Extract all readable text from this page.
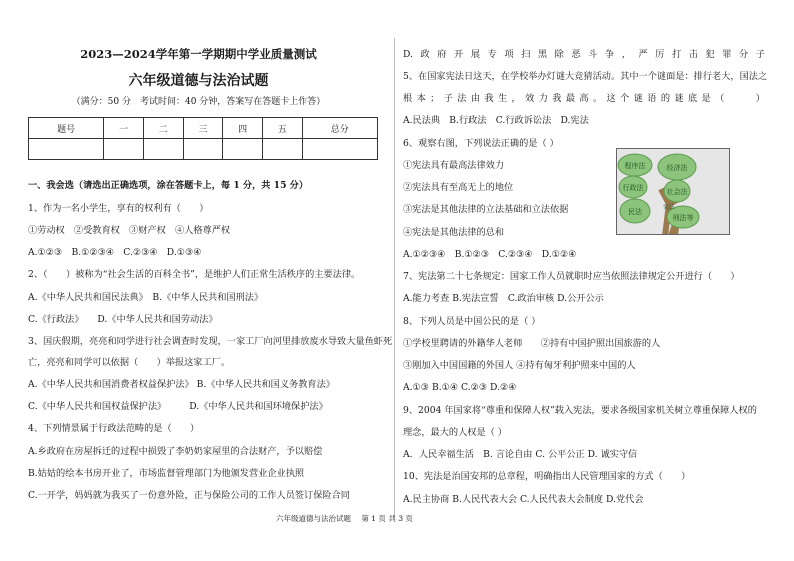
2023—2024学年第一学期期中学业质量测试
六年级道德与法治试题
（满分：50 分　考试时间：40 分钟，答案写在答题卡上作答）
题号	一	二	三	四	五	总分

一、我会选（请选出正确选项，涂在答题卡上，每 1 分，共 15 分）
1、作为一名小学生，享有的权利有（　　）
①劳动权　②受教育权　③财产权　④人格尊严权
A.①②③　B.①②③④　C.②③④　D.①③④
2、（　　）被称为“社会生活的百科全书”，是维护人们正常生活秩序的主要法律。
A.《中华人民共和国民法典》　B.《中华人民共和国刑法》
C.《行政法》　　D.《中华人民共和国劳动法》
3、国庆假期，亮亮和同学进行社会调查时发现，一家工厂向河里排放废水导致大量鱼虾死
亡，亮亮和同学可以依据（　　）举报这家工厂。
A.《中华人民共和国消费者权益保护法》 B.《中华人民共和国义务教育法》
C.《中华人民共和国权益保护法》　　　D.《中华人民共和国环境保护法》
4、下列情景属于行政法范畴的是（　　）
A.乡政府在房屋拆迁的过程中损毁了李奶奶家屋里的合法财产，予以赔偿
B.姑姑的绘本书房开业了，市场监督管理部门为他颁发营业企业执照
C.一开学，妈妈就为我买了一份意外险，正与保险公司的工作人员签订保险合同
D.政府开展专项扫黑除恶斗争，严厉打击犯罪分子
5、在国家宪法日这天，在学校举办灯谜大竞猜活动。其中一个谜面是：排行老大，国法之
根本；子法由我生，效力我最高。这个谜语的谜底是（　　）
A.民法典　B.行政法　C.行政诉讼法　D.宪法
6、观察右图，下列说法正确的是（ ）
①宪法具有最高法律效力
②宪法具有至高无上的地位
③宪法是其他法律的立法基础和立法依据
④宪法是其他法律的总和
A.①②③④　B.①②③　C.②③④　D.①②④
7、宪法第二十七条规定：国家工作人员就职时应当依照法律规定公开进行（　　）
A.能力考查 B.宪法宣誓　C.政治审核 D.公开公示
8、下列人员是中国公民的是（ ）
①学校里聘请的外籍华人老师　　②持有中国护照出国旅游的人
③刚加入中国国籍的外国人 ④持有匈牙利护照来中国的人
A.①③ B.①④ C.②③ D.②④
9、2004 年国家将“尊重和保障人权”载入宪法，要求各级国家机关树立尊重保障人权的
理念，最大的人权是（ ）
A．人民幸福生活　B. 言论自由 C. 公平公正 D. 诚实守信
10、宪法是治国安邦的总章程，明确指出人民管理国家的方式（　　）
A.民主协商 B.人民代表大会 C.人民代表大会制度 D.党代会
宪法
程序法	经济法
行政法	社会法
民法
刑法等
六年级道德与法治试题 第 1 页 共 3 页
